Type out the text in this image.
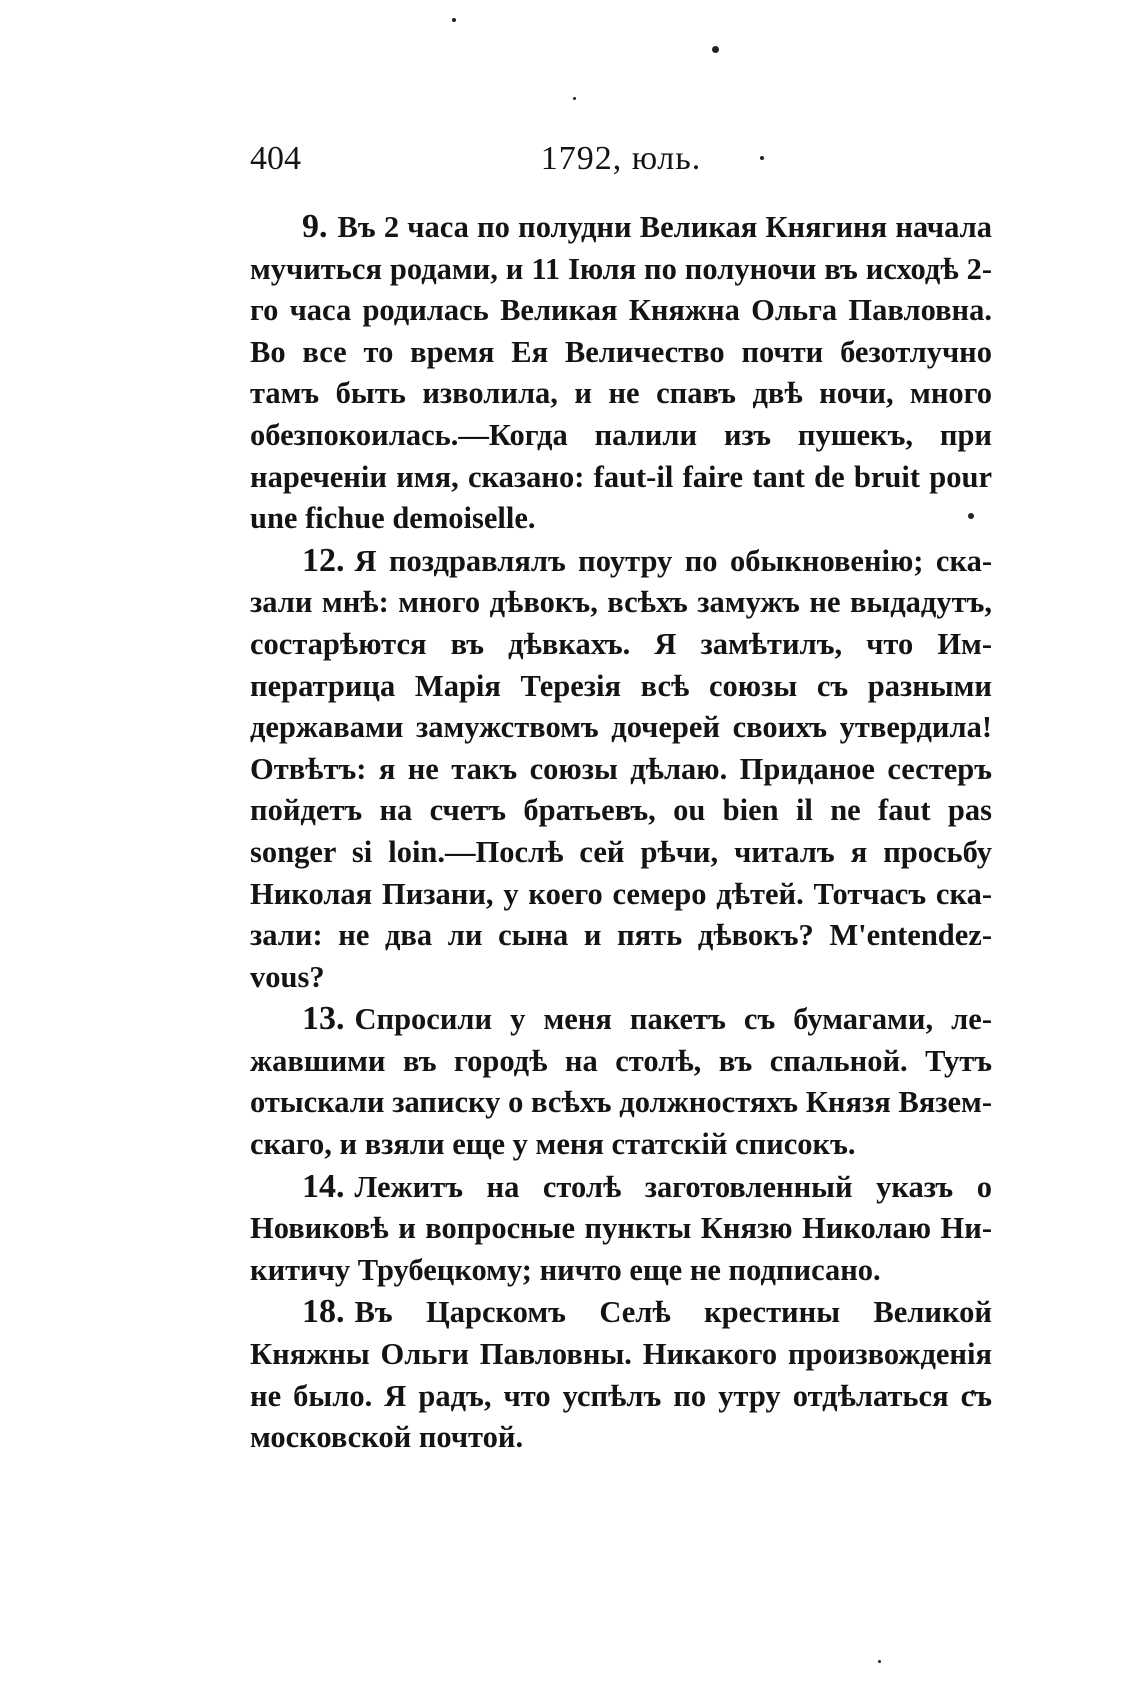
404	1792, юль.

9. Въ 2 часа по полудни Великая Княгиня начала мучиться родами, и 11 Іюля по полуночи въ исходѣ 2-го часа родилась Великая Княжна Ольга Павловна. Во все то время Ея Величество почти безотлучно тамъ быть изволила, и не спавъ двѣ ночи, много обезпокоилась.—Когда палили изъ пушекъ, при нареченіи имя, сказано: faut-il faire tant de bruit pour une fichue demoiselle.

12. Я поздравлялъ поутру по обыкновенію; сказали мнѣ: много дѣвокъ, всѣхъ замужъ не выдадутъ, состарѣются въ дѣвкахъ. Я замѣтилъ, что Императрица Марія Терезія всѣ союзы съ разными державами замужствомъ дочерей своихъ утвердила! Отвѣтъ: я не такъ союзы дѣлаю. Приданое сестеръ пойдетъ на счетъ братьевъ, ou bien il ne faut pas songer si loin.—Послѣ сей рѣчи, читалъ я просьбу Николая Пизани, у коего семеро дѣтей. Тотчасъ сказали: не два ли сына и пять дѣвокъ? M'entendez-vous?

13. Спросили у меня пакетъ съ бумагами, лежавшими въ городѣ на столѣ, въ спальной. Тутъ отыскали записку о всѣхъ должностяхъ Князя Вяземскаго, и взяли еще у меня статскій списокъ.

14. Лежитъ на столѣ заготовленный указъ о Новиковѣ и вопросные пункты Князю Николаю Никитичу Трубецкому; ничто еще не подписано.

18. Въ Царскомъ Селѣ крестины Великой Княжны Ольги Павловны. Никакого произвожденія не было. Я радъ, что успѣлъ по утру отдѣлаться съ московской почтой.
